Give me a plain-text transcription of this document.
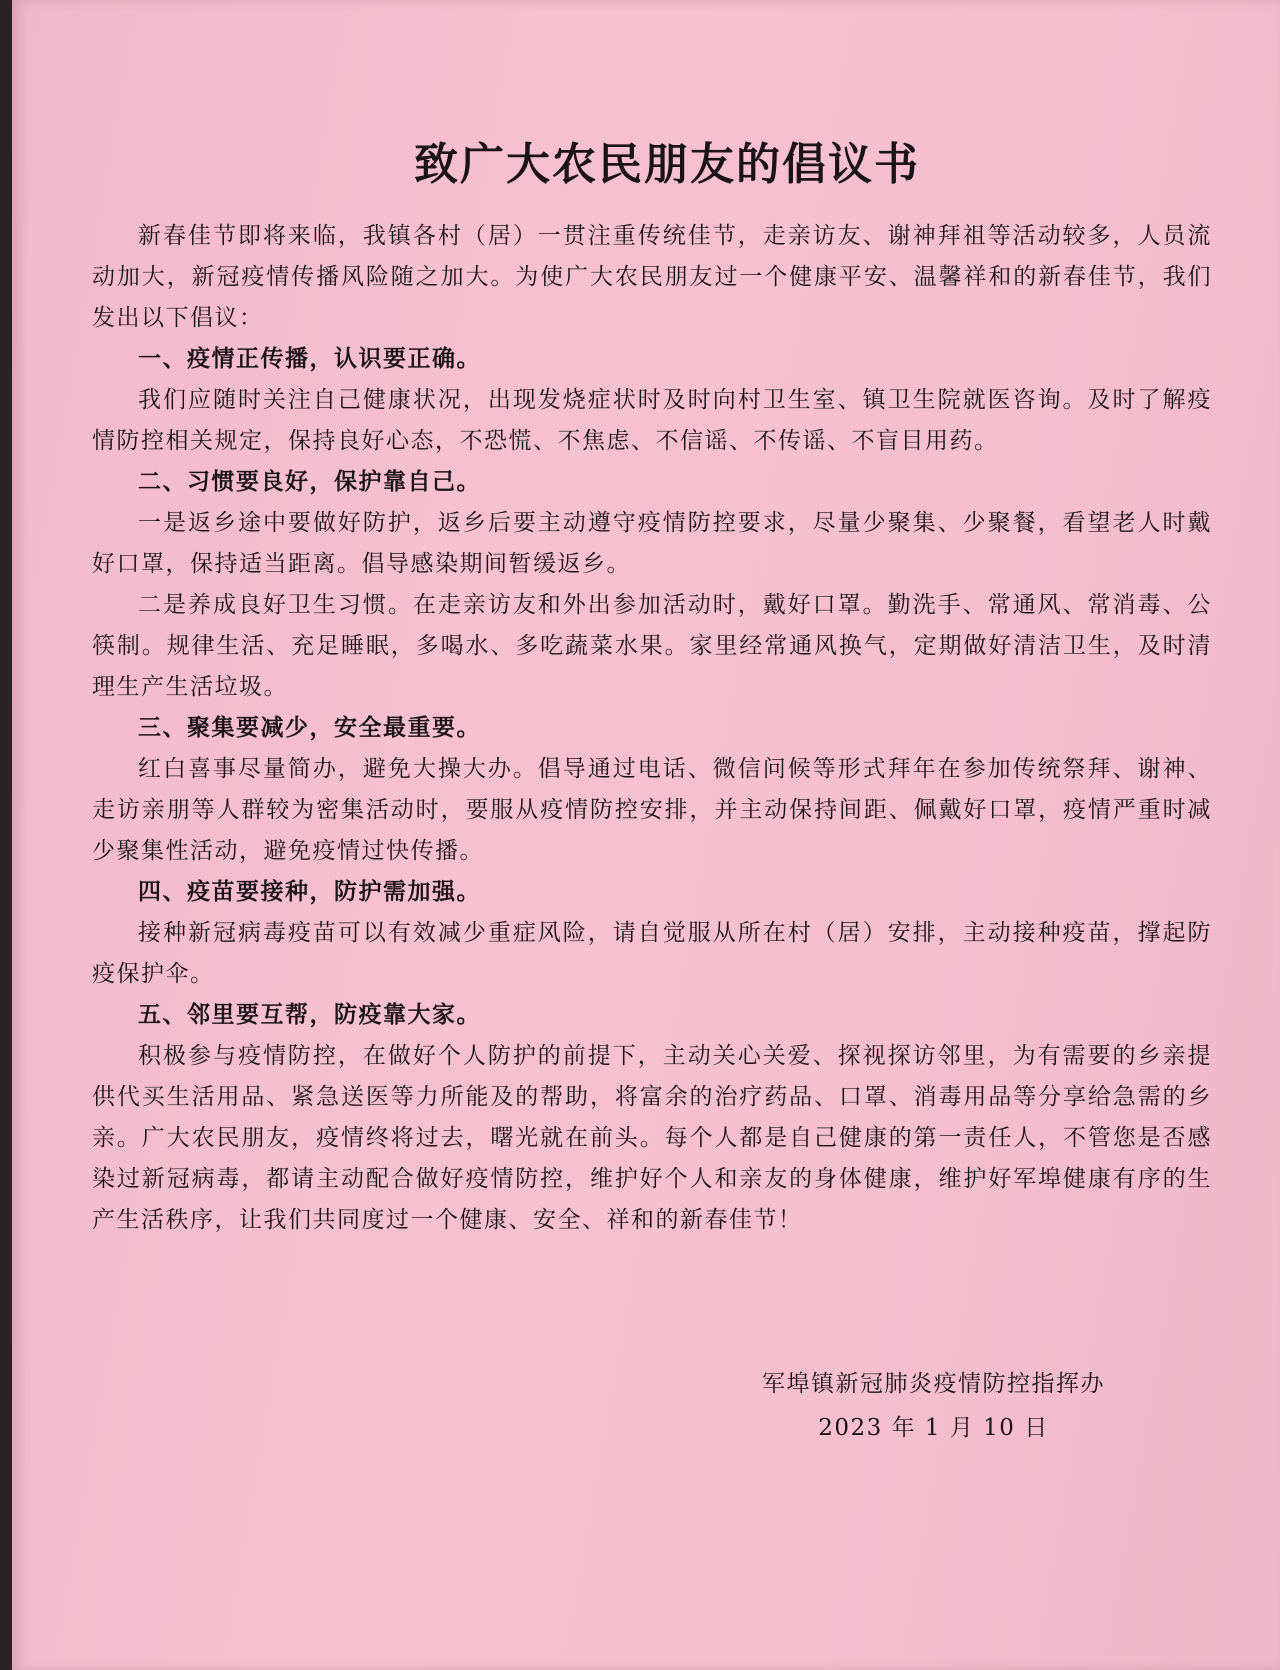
致广大农民朋友的倡议书

新春佳节即将来临，我镇各村（居）一贯注重传统佳节，走亲访友、谢神拜祖等活动较多，人员流动加大，新冠疫情传播风险随之加大。为使广大农民朋友过一个健康平安、温馨祥和的新春佳节，我们发出以下倡议：

一、疫情正传播，认识要正确。

我们应随时关注自己健康状况，出现发烧症状时及时向村卫生室、镇卫生院就医咨询。及时了解疫情防控相关规定，保持良好心态，不恐慌、不焦虑、不信谣、不传谣、不盲目用药。

二、习惯要良好，保护靠自己。

一是返乡途中要做好防护，返乡后要主动遵守疫情防控要求，尽量少聚集、少聚餐，看望老人时戴好口罩，保持适当距离。倡导感染期间暂缓返乡。

二是养成良好卫生习惯。在走亲访友和外出参加活动时，戴好口罩。勤洗手、常通风、常消毒、公筷制。规律生活、充足睡眠，多喝水、多吃蔬菜水果。家里经常通风换气，定期做好清洁卫生，及时清理生产生活垃圾。

三、聚集要减少，安全最重要。

红白喜事尽量简办，避免大操大办。倡导通过电话、微信问候等形式拜年在参加传统祭拜、谢神、走访亲朋等人群较为密集活动时，要服从疫情防控安排，并主动保持间距、佩戴好口罩，疫情严重时减少聚集性活动，避免疫情过快传播。

四、疫苗要接种，防护需加强。

接种新冠病毒疫苗可以有效减少重症风险，请自觉服从所在村（居）安排，主动接种疫苗，撑起防疫保护伞。

五、邻里要互帮，防疫靠大家。

积极参与疫情防控，在做好个人防护的前提下，主动关心关爱、探视探访邻里，为有需要的乡亲提供代买生活用品、紧急送医等力所能及的帮助，将富余的治疗药品、口罩、消毒用品等分享给急需的乡亲。广大农民朋友，疫情终将过去，曙光就在前头。每个人都是自己健康的第一责任人，不管您是否感染过新冠病毒，都请主动配合做好疫情防控，维护好个人和亲友的身体健康，维护好军埠健康有序的生产生活秩序，让我们共同度过一个健康、安全、祥和的新春佳节！

军埠镇新冠肺炎疫情防控指挥办
2023 年 1 月 10 日
